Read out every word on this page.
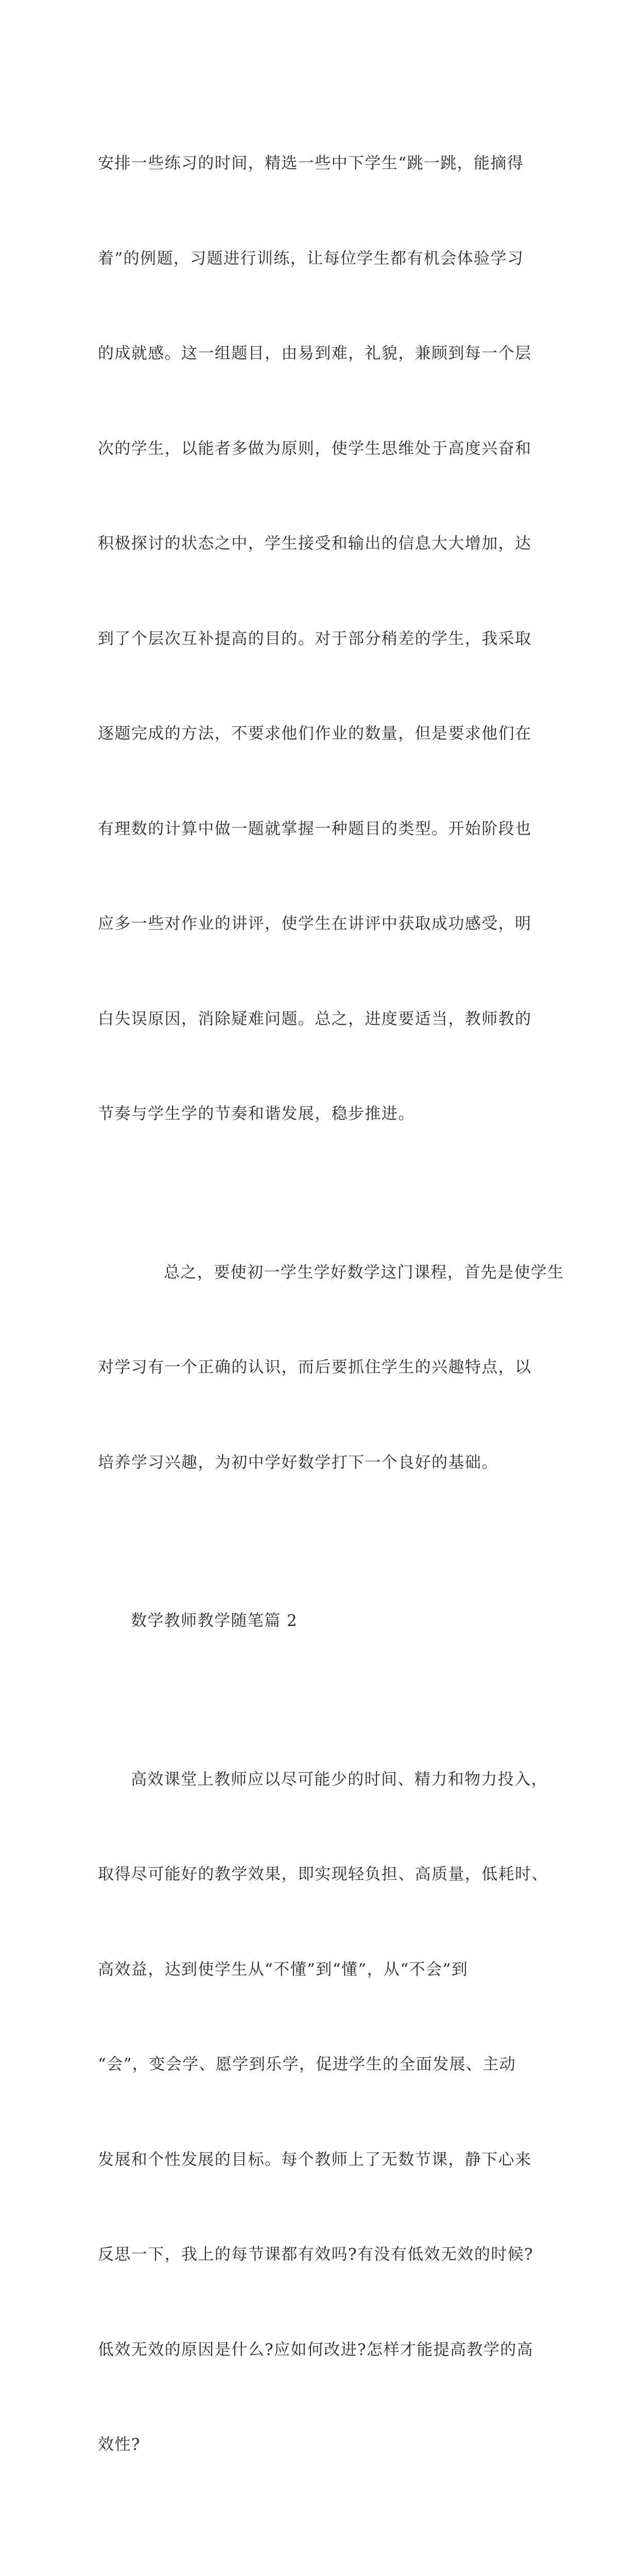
安排一些练习的时间，精选一些中下学生“跳一跳，能摘得

着”的例题，习题进行训练，让每位学生都有机会体验学习

的成就感。这一组题目，由易到难，礼貌，兼顾到每一个层

次的学生，以能者多做为原则，使学生思维处于高度兴奋和

积极探讨的状态之中，学生接受和输出的信息大大增加，达

到了个层次互补提高的目的。对于部分稍差的学生，我采取

逐题完成的方法，不要求他们作业的数量，但是要求他们在

有理数的计算中做一题就掌握一种题目的类型。开始阶段也

应多一些对作业的讲评，使学生在讲评中获取成功感受，明

白失误原因，消除疑难问题。总之，进度要适当，教师教的

节奏与学生学的节奏和谐发展，稳步推进。

总之，要使初一学生学好数学这门课程，首先是使学生

对学习有一个正确的认识，而后要抓住学生的兴趣特点，以

培养学习兴趣，为初中学好数学打下一个良好的基础。

数学教师教学随笔篇 2

高效课堂上教师应以尽可能少的时间、精力和物力投入，

取得尽可能好的教学效果，即实现轻负担、高质量，低耗时、

高效益，达到使学生从“不懂”到“懂”，从“不会”到

“会”，变会学、愿学到乐学，促进学生的全面发展、主动

发展和个性发展的目标。每个教师上了无数节课，静下心来

反思一下，我上的每节课都有效吗?有没有低效无效的时候?

低效无效的原因是什么?应如何改进?怎样才能提高教学的高

效性?
